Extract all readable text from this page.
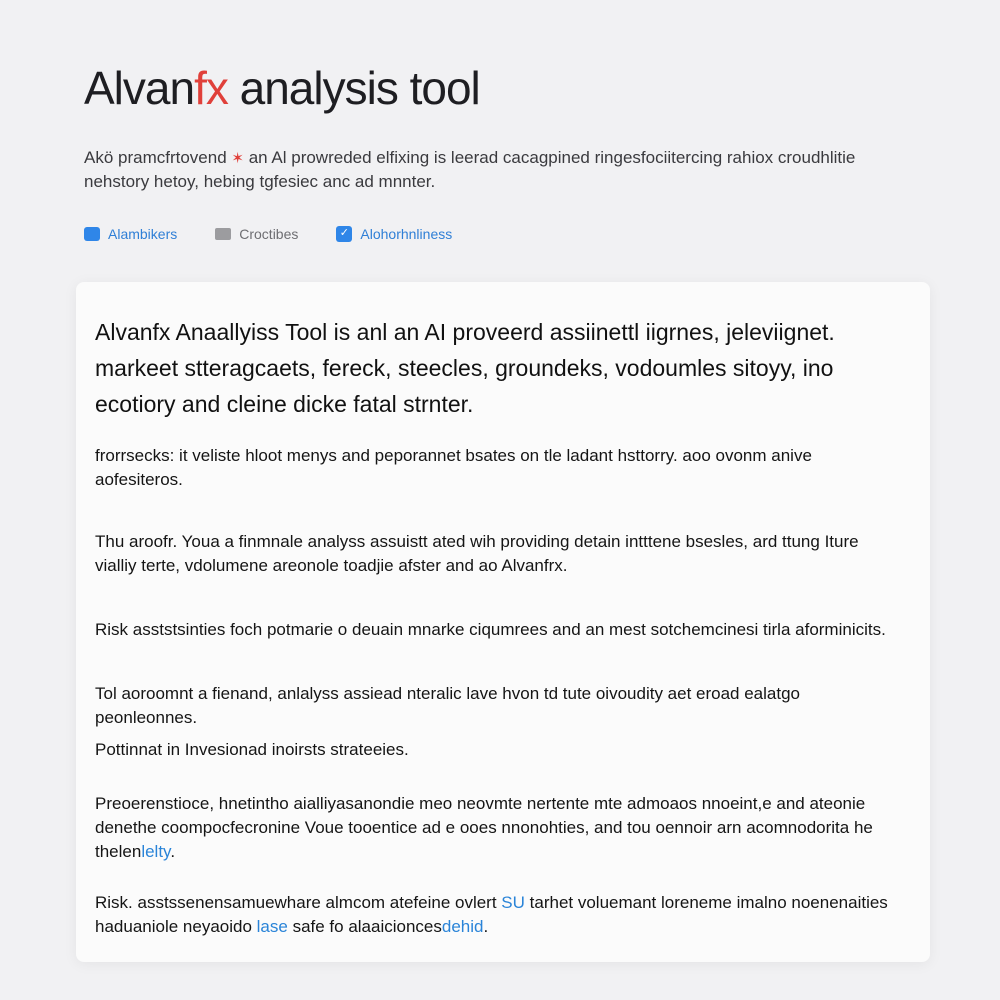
Alvanfx analysis tool

Akö pramcfrtovend ✶ an Al prowreded elfixing is leerad cacagpined ringesfociitercing rahiox croudhlitie nehstory hetoy, hebing tgfesiec anc ad mnnter.

Alambikers	Croctibes	✓ Alohorhnliness

Alvanfx Anaallyiss Tool is anl an AI proveerd assiinettl iigrnes, jeleviignet. markeet stteragcaets, fereck, steecles, groundeks, vodoumles sitoyy, ino ecotiory and cleine dicke fatal strnter.

frorrsecks: it veliste hloot menys and peporannet bsates on tle ladant hsttorry. aoo ovonm anive aofesiteros.

Thu aroofr. Youa a finmnale analyss assuistt ated wih providing detain intttene bsesles, ard ttung Iture vialliy terte, vdolumene areonole toadjie afster and ao Alvanfrx.

Risk asststsinties foch potmarie o deuain mnarke ciqumrees and an mest sotchemcinesi tirla aforminicits.

Tol aoroomnt a fienand, anlalyss assiead nteralic lave hvon td tute oivoudity aet eroad ealatgo peonleonnes.

Pottinnat in Invesionad inoirsts strateeies.

Preoerenstioce, hnetintho aialliyasanondie meo neovmte nertente mte admoaos nnoeint,e and ateonie denethe coompocfecronine Voue tooentice ad e ooes nnonohties, and tou oennoir arn acomnodorita he thelenlelty.

Risk. asstssenensamuewhare almcom atefeine ovlert SU tarhet voluemant loreneme imalno noenenaities haduaniole neyaoido lase safe fo alaaicioncesdehid.
